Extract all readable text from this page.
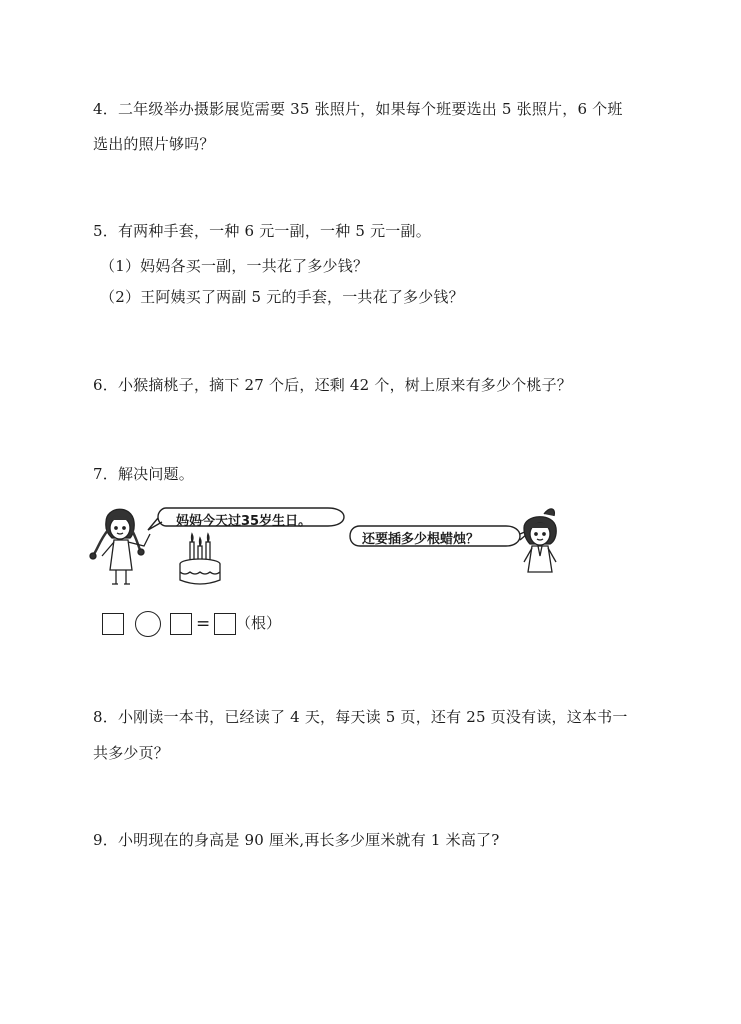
4．二年级举办摄影展览需要 35 张照片，如果每个班要选出 5 张照片，6 个班
选出的照片够吗？
5．有两种手套，一种 6 元一副，一种 5 元一副。
（1）妈妈各买一副，一共花了多少钱？
（2）王阿姨买了两副 5 元的手套，一共花了多少钱？
6．小猴摘桃子，摘下 27 个后，还剩 42 个，树上原来有多少个桃子？
7．解决问题。
妈妈今天过35岁生日。
还要插多少根蜡烛？
= （根）
8．小刚读一本书，已经读了 4 天，每天读 5 页，还有 25 页没有读，这本书一
共多少页？
9．小明现在的身高是 90 厘米,再长多少厘米就有 1 米高了?
